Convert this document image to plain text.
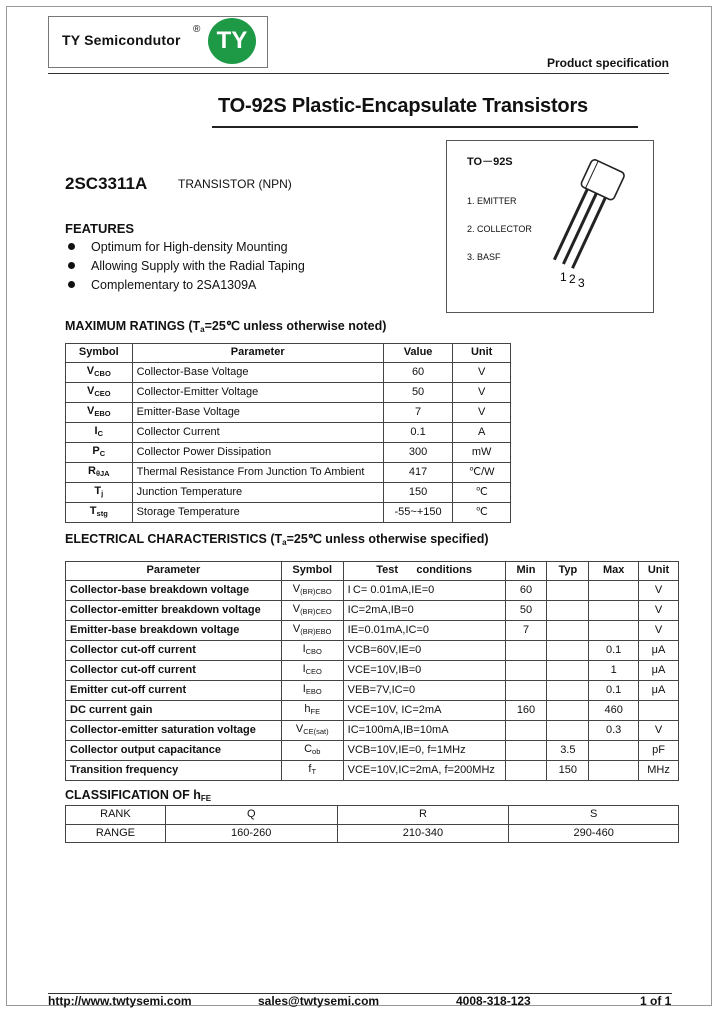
TY Semicondutor
® TY
Product specification
TO-92S Plastic-Encapsulate Transistors
2SC3311A	TRANSISTOR (NPN)
TO－92S
1. EMITTER
2. COLLECTOR
3. BASF
1 2 3
FEATURES
Optimum for High-density Mounting
Allowing Supply with the Radial Taping
Complementary to 2SA1309A
MAXIMUM RATINGS ($T_a=25℃$ unless otherwise noted)
Symbol	Parameter	Value	Unit
$V_{CBO}$	Collector-Base Voltage	60	V
$V_{CEO}$	Collector-Emitter Voltage	50	V
$V_{EBO}$	Emitter-Base Voltage	7	V
$I_C$	Collector Current	0.1	A
$P_C$	Collector Power Dissipation	300	mW
$R_{\theta JA}$	Thermal Resistance From Junction To Ambient	417	℃/W
$T_j$	Junction Temperature	150	℃
$T_{stg}$	Storage Temperature	-55~+150	℃
ELECTRICAL CHARACTERISTICS ($T_a=25℃$ unless otherwise specified)
Parameter	Symbol	Test      conditions	Min	Typ	Max	Unit
Collector-base breakdown voltage	$V_{(BR)CBO}$	I C= 0.01mA,IE=0	60			V
Collector-emitter breakdown voltage	$V_{(BR)CEO}$	IC=2mA,IB=0	50			V
Emitter-base breakdown voltage	$V_{(BR)EBO}$	IE=0.01mA,IC=0	7			V
Collector cut-off current	$I_{CBO}$	VCB=60V,IE=0			0.1	μA
Collector cut-off current	$I_{CEO}$	VCE=10V,IB=0			1	μA
Emitter cut-off current	$I_{EBO}$	VEB=7V,IC=0			0.1	μA
DC current gain	$h_{FE}$	VCE=10V, IC=2mA	160		460	
Collector-emitter saturation voltage	$V_{CE(sat)}$	IC=100mA,IB=10mA			0.3	V
Collector output capacitance	$C_{ob}$	VCB=10V,IE=0, f=1MHz		3.5		pF
Transition frequency	$f_T$	VCE=10V,IC=2mA, f=200MHz		150		MHz
CLASSIFICATION OF $h_{FE}$
RANK	Q	R	S
RANGE	160-260	210-340	290-460
http://www.twtysemi.com	sales@twtysemi.com	4008-318-123	1 of 1
